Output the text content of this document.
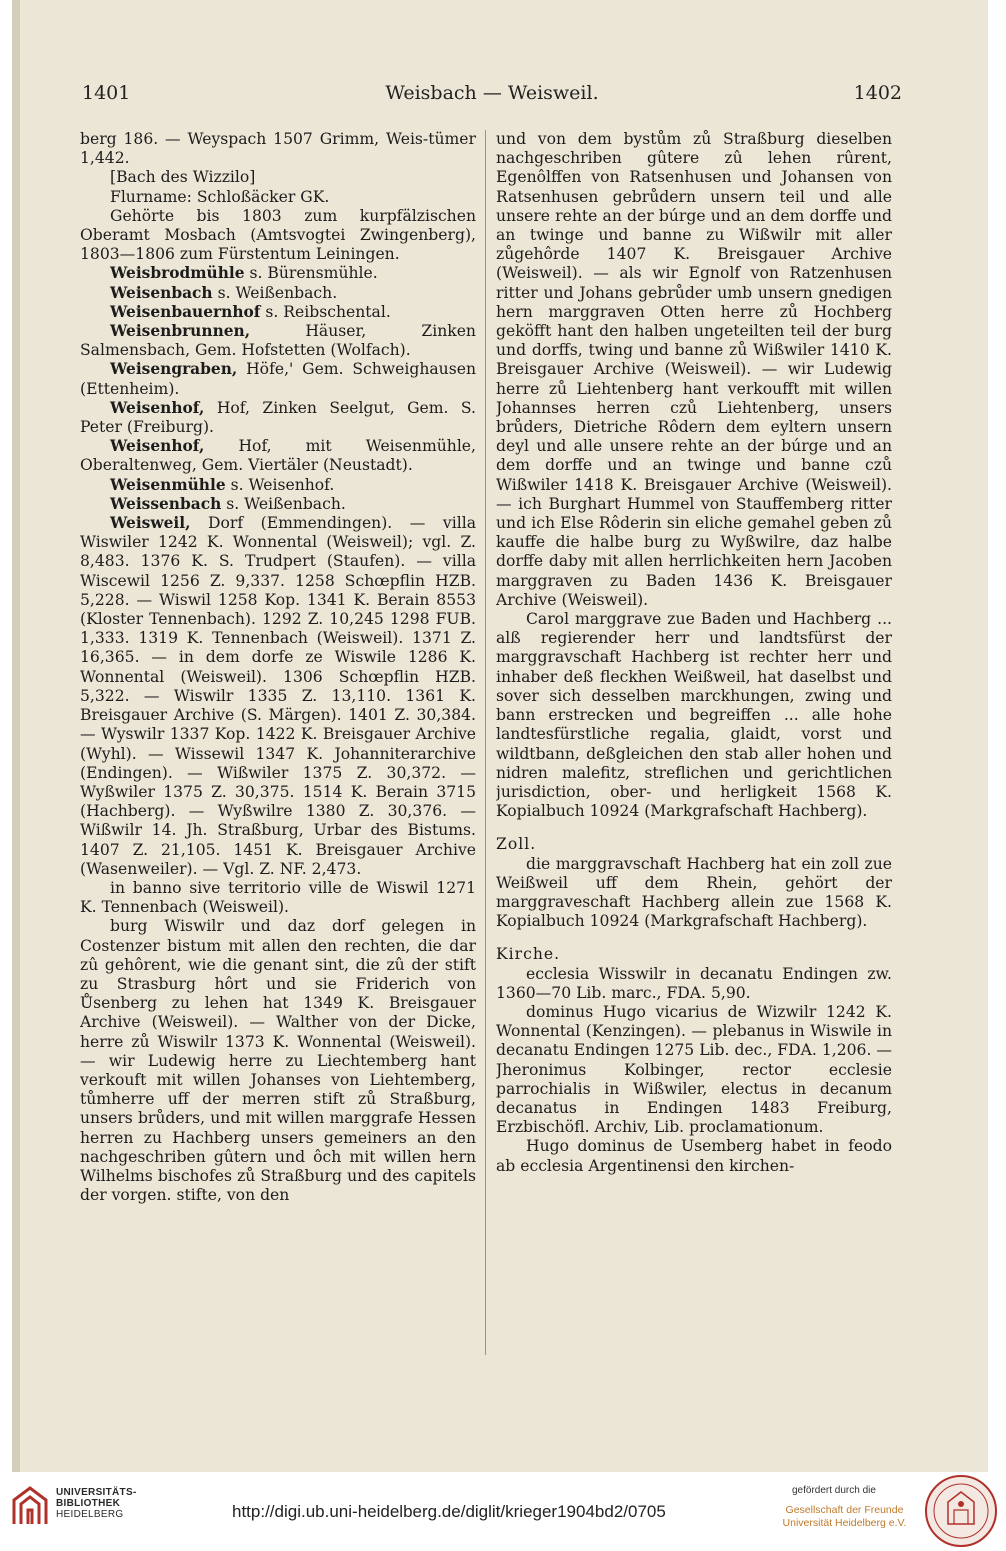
1401	Weisbach — Weisweil.	1402

berg 186. — Weyspach 1507 Grimm, Weis-tümer 1,442.

[Bach des Wizzilo]

Flurname: Schloßäcker GK.

Gehörte bis 1803 zum kurpfälzischen Oberamt Mosbach (Amtsvogtei Zwingenberg), 1803—1806 zum Fürstentum Leiningen.

Weisbrodmühle s. Bürensmühle.

Weisenbach s. Weißenbach.

Weisenbauernhof s. Reibschental.

Weisenbrunnen,	Häuser, Zinken Salmensbach, Gem. Hofstetten (Wolfach).

Weisengraben, Höfe,' Gem. Schweighausen (Ettenheim).

Weisenhof, Hof, Zinken Seelgut, Gem. S. Peter (Freiburg).

Weisenhof, Hof, mit Weisenmühle, Oberaltenweg, Gem. Viertäler (Neustadt).

Weisenmühle s. Weisenhof.

Weissenbach s. Weißenbach.

Weisweil, Dorf (Emmendingen). — villa Wiswiler 1242 K. Wonnental (Weisweil); vgl. Z. 8,483. 1376 K. S. Trudpert (Staufen). — villa Wiscewil 1256 Z. 9,337. 1258 Schœpflin HZB. 5,228. — Wiswil 1258 Kop. 1341 K. Berain 8553 (Kloster Tennenbach). 1292 Z. 10,245 1298 FUB. 1,333. 1319 K. Tennenbach (Weisweil). 1371 Z. 16,365. — in dem dorfe ze Wiswile 1286 K. Wonnental (Weisweil). 1306 Schœpflin HZB. 5,322. — Wiswilr 1335 Z. 13,110. 1361 K. Breisgauer Archive (S. Märgen). 1401 Z. 30,384. — Wyswilr 1337 Kop. 1422 K. Breisgauer Archive (Wyhl). — Wissewil 1347 K. Johanniterarchive (Endingen). — Wißwiler 1375 Z. 30,372. — Wyßwiler 1375 Z. 30,375. 1514 K. Berain 3715 (Hachberg). — Wyßwilre 1380 Z. 30,376. — Wißwilr 14. Jh. Straßburg, Urbar des Bistums. 1407 Z. 21,105. 1451 K. Breisgauer Archive (Wasenweiler). — Vgl. Z. NF. 2,473.

in banno sive territorio ville de Wiswil 1271 K. Tennenbach (Weisweil).

burg Wiswilr und daz dorf gelegen in Costenzer bistum mit allen den rechten, die dar zû gehôrent, wie die genant sint, die zû der stift zu Strasburg hôrt und sie Friderich von Ůsenberg zu lehen hat 1349 K. Breisgauer Archive (Weisweil). — Walther von der Dicke, herre zů Wiswilr 1373 K. Wonnental (Weisweil). — wir Ludewig herre zu Liechtemberg hant verkouft mit willen Johanses von Liehtemberg, tůmherre uff der merren stift zů Straßburg, unsers brůders, und mit willen marggrafe Hessen herren zu Hachberg unsers gemeiners an den nachgeschriben gûtern und ôch mit willen hern Wilhelms bischofes zů Straßburg und des capitels der vorgen. stifte, von den

und von dem bystům zů Straßburg dieselben nachgeschriben gûtere zû lehen rûrent, Egenôlffen von Ratsenhusen und Johansen von Ratsenhusen gebrůdern unsern teil und alle unsere rehte an der búrge und an dem dorffe und an twinge und banne zu Wißwilr mit aller zůgehôrde 1407 K. Breisgauer Archive (Weisweil). — als wir Egnolf von Ratzenhusen ritter und Johans gebrůder umb unsern gnedigen hern marggraven Otten herre zů Hochberg geköfft hant den halben ungeteilten teil der burg und dorffs, twing und banne zů Wißwiler 1410 K. Breisgauer Archive (Weisweil). — wir Ludewig herre zů Liehtenberg hant verkoufft mit willen Johannses herren czů Liehtenberg, unsers brůders, Dietriche Rôdern dem eyltern unsern deyl und alle unsere rehte an der búrge und an dem dorffe und an twinge und banne czů Wißwiler 1418 K. Breisgauer Archive (Weisweil). — ich Burghart Hummel von Stauffemberg ritter und ich Else Rôderin sin eliche gemahel geben zů kauffe die halbe burg zu Wyßwilre, daz halbe dorffe daby mit allen herrlichkeiten hern Jacoben marggraven zu Baden 1436 K. Breisgauer Archive (Weisweil).

Carol marggrave zue Baden und Hachberg ... alß regierender herr und landtsfürst der marggravschaft Hachberg ist rechter herr und inhaber deß fleckhen Weißweil, hat daselbst und sover sich desselben marckhungen, zwing und bann erstrecken und begreiffen ... alle hohe landtesfürstliche regalia, glaidt, vorst und wildtbann, deßgleichen den stab aller hohen und nidren malefitz, streflichen und gerichtlichen jurisdiction, ober- und herligkeit 1568 K. Kopialbuch 10924 (Markgrafschaft Hachberg).

Zoll.

die marggravschaft Hachberg hat ein zoll zue Weißweil uff dem Rhein, gehört der marggraveschaft Hachberg allein zue 1568 K. Kopialbuch 10924 (Markgrafschaft Hachberg).

Kirche.

ecclesia Wisswilr in decanatu Endingen zw. 1360—70 Lib. marc., FDA. 5,90.

dominus Hugo vicarius de Wizwilr 1242 K. Wonnental (Kenzingen). — plebanus in Wiswile in decanatu Endingen 1275 Lib. dec., FDA. 1,206. — Jheronimus Kolbinger, rector ecclesie parrochialis in Wißwiler, electus in decanum decanatus in Endingen 1483 Freiburg, Erzbischöfl. Archiv, Lib. proclamationum.

Hugo dominus de Usemberg habet in feodo ab ecclesia Argentinensi den kirchen-

UNIVERSITÄTS-
BIBLIOTHEK
HEIDELBERG	http://digi.ub.uni-heidelberg.de/diglit/krieger1904bd2/0705
gefördert durch die
Gesellschaft der Freunde
Universität Heidelberg e.V.
